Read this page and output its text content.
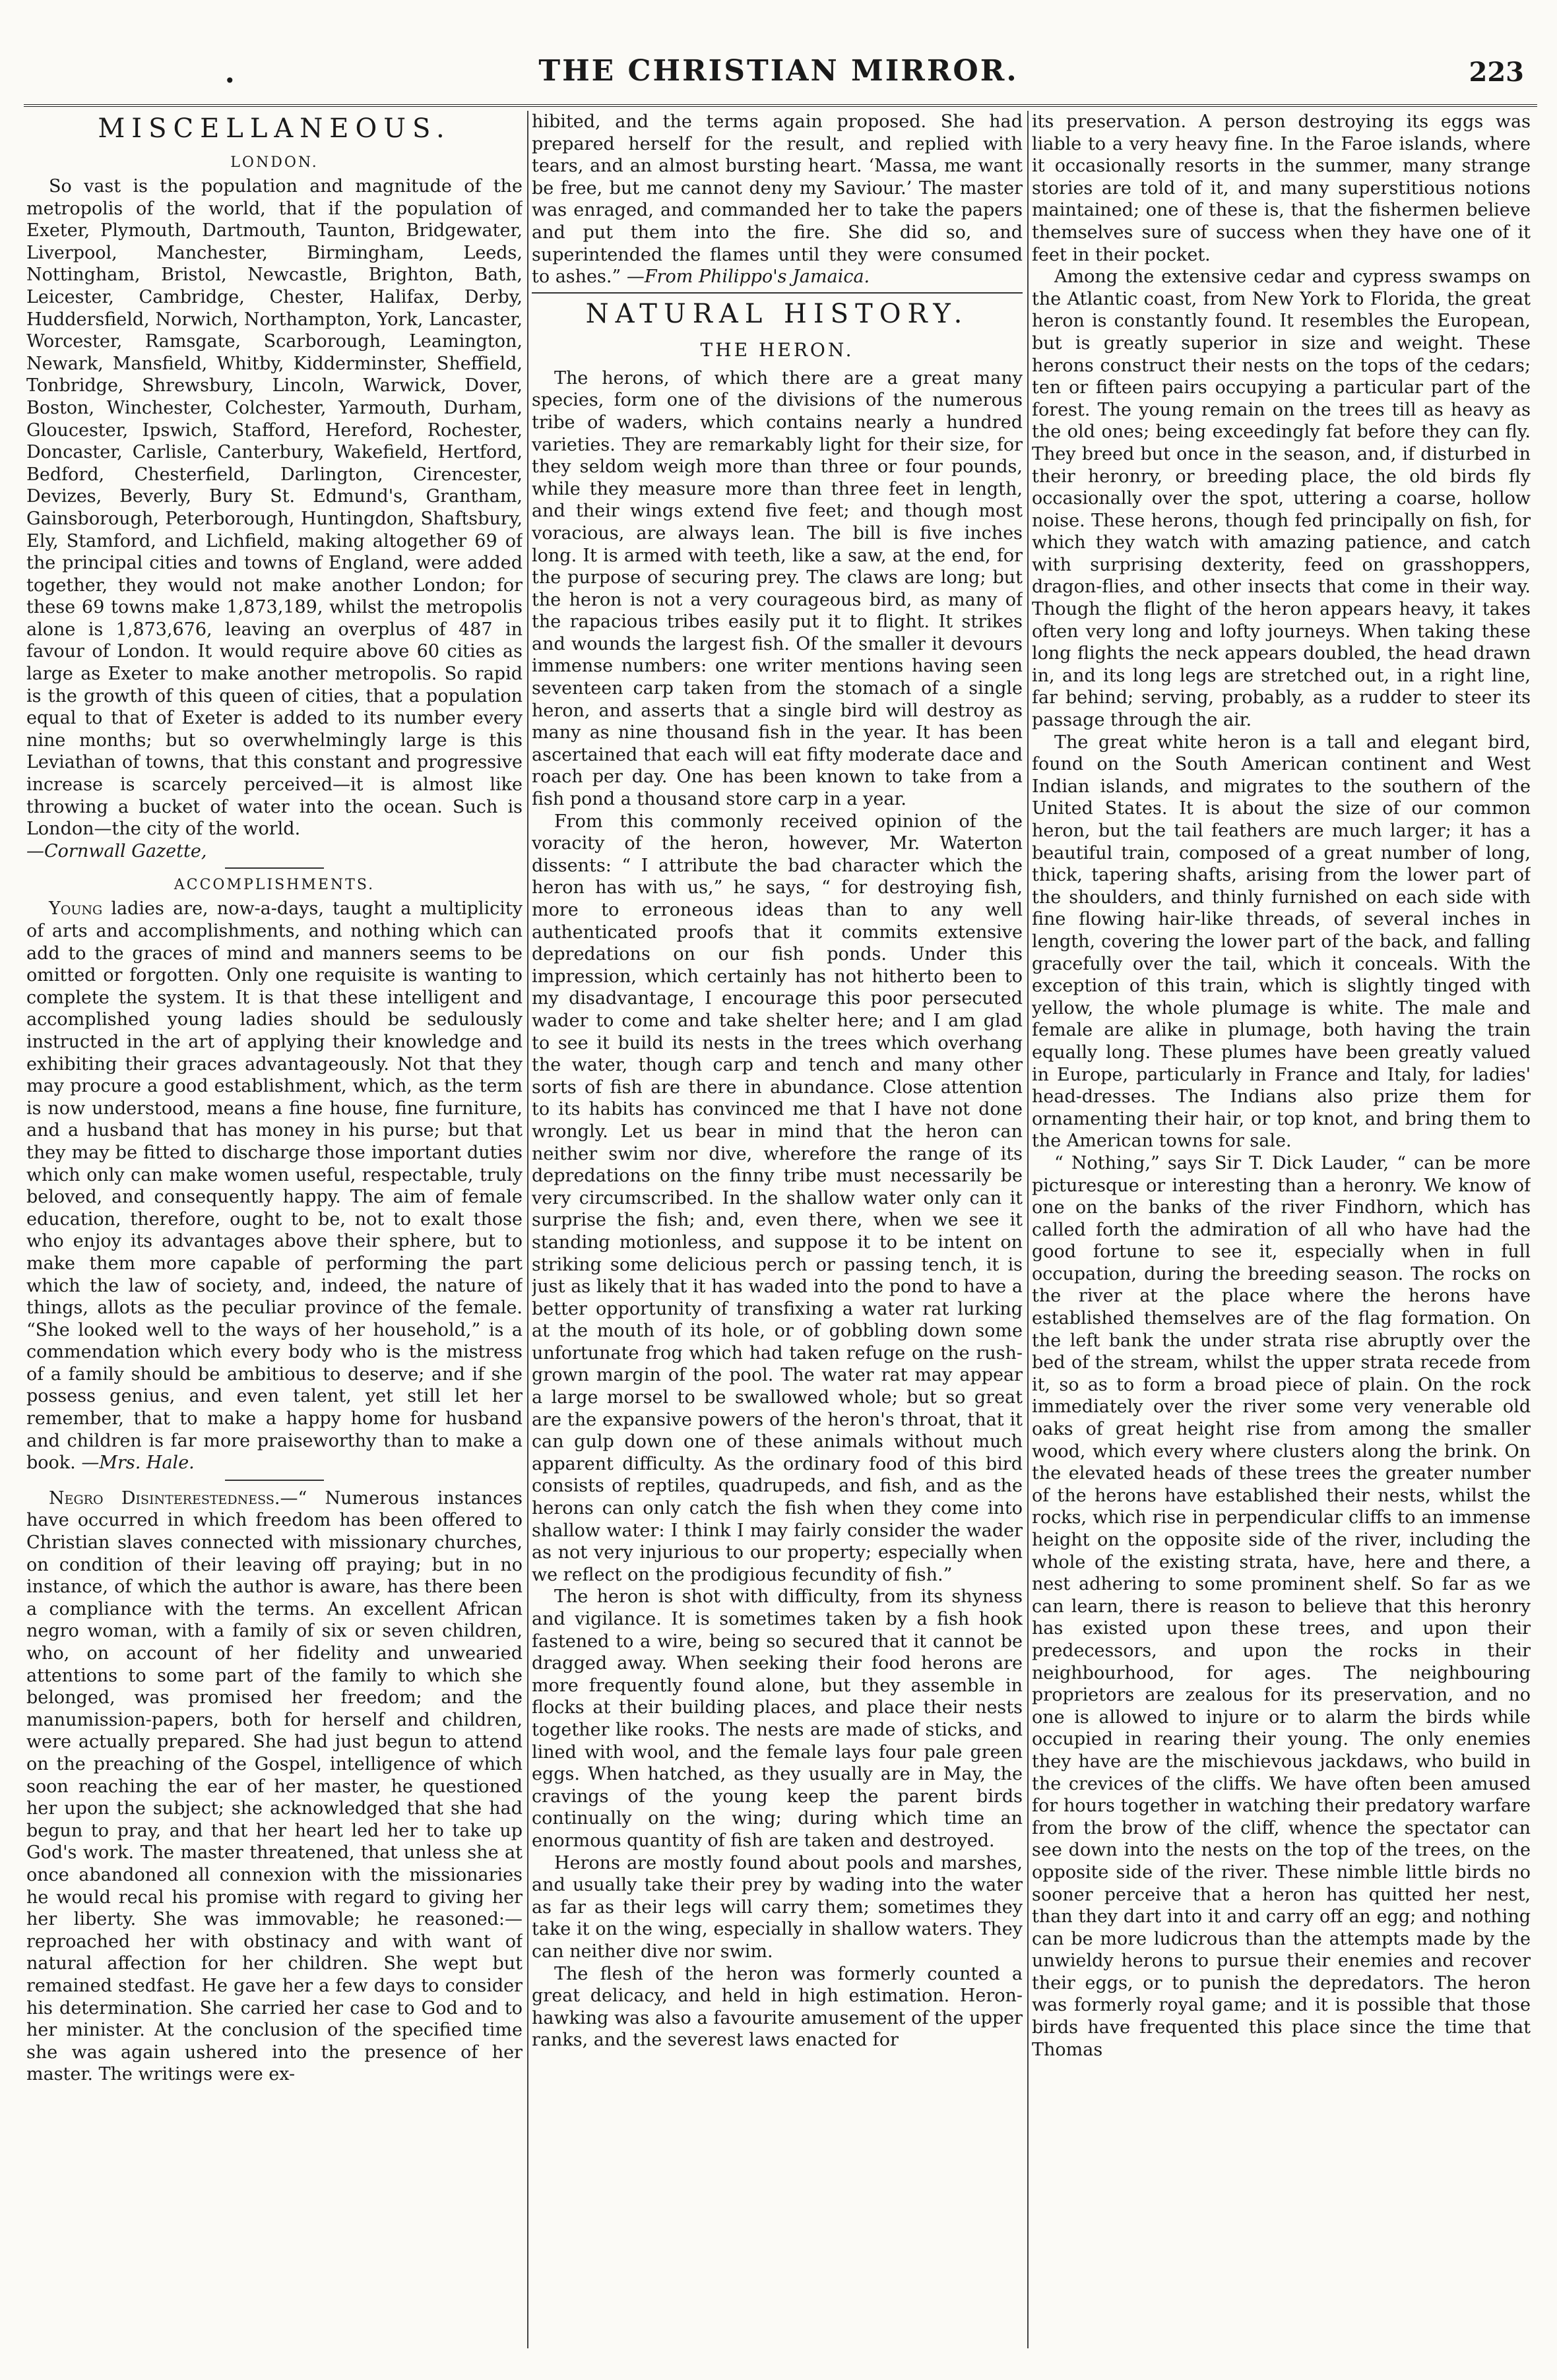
•	THE CHRISTIAN MIRROR.	223
MISCELLANEOUS.
LONDON.

So vast is the population and magnitude of the metropolis of the world, that if the population of Exeter, Plymouth, Dartmouth, Taunton, Bridgewater, Liverpool, Manchester, Birmingham, Leeds, Nottingham, Bristol, Newcastle, Brighton, Bath, Leicester, Cambridge, Chester, Halifax, Derby, Huddersfield, Norwich, Northampton, York, Lancaster, Worcester, Ramsgate, Scarborough, Leamington, Newark, Mansfield, Whitby, Kidderminster, Sheffield, Tonbridge, Shrewsbury, Lincoln, Warwick, Dover, Boston, Winchester, Colchester, Yarmouth, Durham, Gloucester, Ipswich, Stafford, Hereford, Rochester, Doncaster, Carlisle, Canterbury, Wakefield, Hertford, Bedford, Chesterfield, Darlington, Cirencester, Devizes, Beverly, Bury St. Edmund's, Grantham, Gainsborough, Peterborough, Huntingdon, Shaftsbury, Ely, Stamford, and Lichfield, making altogether 69 of the principal cities and towns of England, were added together, they would not make another London; for these 69 towns make 1,873,189, whilst the metropolis alone is 1,873,676, leaving an overplus of 487 in favour of London. It would require above 60 cities as large as Exeter to make another metropolis. So rapid is the growth of this queen of cities, that a population equal to that of Exeter is added to its number every nine months; but so overwhelmingly large is this Leviathan of towns, that this constant and progressive increase is scarcely perceived—it is almost like throwing a bucket of water into the ocean. Such is London—the city of the world.

—Cornwall Gazette,

ACCOMPLISHMENTS.

Young ladies are, now-a-days, taught a multiplicity of arts and accomplishments, and nothing which can add to the graces of mind and manners seems to be omitted or forgotten. Only one requisite is wanting to complete the system. It is that these intelligent and accomplished young ladies should be sedulously instructed in the art of applying their knowledge and exhibiting their graces advantageously. Not that they may procure a good establishment, which, as the term is now understood, means a fine house, fine furniture, and a husband that has money in his purse; but that they may be fitted to discharge those important duties which only can make women useful, respectable, truly beloved, and consequently happy. The aim of female education, therefore, ought to be, not to exalt those who enjoy its advantages above their sphere, but to make them more capable of performing the part which the law of society, and, indeed, the nature of things, allots as the peculiar province of the female. “She looked well to the ways of her household,” is a commendation which every body who is the mistress of a family should be ambitious to deserve; and if she possess genius, and even talent, yet still let her remember, that to make a happy home for husband and children is far more praiseworthy than to make a book. —Mrs. Hale.

Negro Disinterestedness.—“ Numerous instances have occurred in which freedom has been offered to Christian slaves connected with missionary churches, on condition of their leaving off praying; but in no instance, of which the author is aware, has there been a compliance with the terms. An excellent African negro woman, with a family of six or seven children, who, on account of her fidelity and unwearied attentions to some part of the family to which she belonged, was promised her freedom; and the manumission-papers, both for herself and children, were actually prepared. She had just begun to attend on the preaching of the Gospel, intelligence of which soon reaching the ear of her master, he questioned her upon the subject; she acknowledged that she had begun to pray, and that her heart led her to take up God's work. The master threatened, that unless she at once abandoned all connexion with the missionaries he would recal his promise with regard to giving her her liberty. She was immovable; he reasoned:—reproached her with obstinacy and with want of natural affection for her children. She wept but remained stedfast. He gave her a few days to consider his determination. She carried her case to God and to her minister. At the conclusion of the specified time she was again ushered into the presence of her master. The writings were ex-

hibited, and the terms again proposed. She had prepared herself for the result, and replied with tears, and an almost bursting heart. ‘Massa, me want be free, but me cannot deny my Saviour.’ The master was enraged, and commanded her to take the papers and put them into the fire. She did so, and superintended the flames until they were consumed to ashes.” —From Philippo's Jamaica.

NATURAL HISTORY.
THE HERON.

The herons, of which there are a great many species, form one of the divisions of the numerous tribe of waders, which contains nearly a hundred varieties. They are remarkably light for their size, for they seldom weigh more than three or four pounds, while they measure more than three feet in length, and their wings extend five feet; and though most voracious, are always lean. The bill is five inches long. It is armed with teeth, like a saw, at the end, for the purpose of securing prey. The claws are long; but the heron is not a very courageous bird, as many of the rapacious tribes easily put it to flight. It strikes and wounds the largest fish. Of the smaller it devours immense numbers: one writer mentions having seen seventeen carp taken from the stomach of a single heron, and asserts that a single bird will destroy as many as nine thousand fish in the year. It has been ascertained that each will eat fifty moderate dace and roach per day. One has been known to take from a fish pond a thousand store carp in a year.

From this commonly received opinion of the voracity of the heron, however, Mr. Waterton dissents: “ I attribute the bad character which the heron has with us,” he says, “ for destroying fish, more to erroneous ideas than to any well authenticated proofs that it commits extensive depredations on our fish ponds. Under this impression, which certainly has not hitherto been to my disadvantage, I encourage this poor persecuted wader to come and take shelter here; and I am glad to see it build its nests in the trees which overhang the water, though carp and tench and many other sorts of fish are there in abundance. Close attention to its habits has convinced me that I have not done wrongly. Let us bear in mind that the heron can neither swim nor dive, wherefore the range of its depredations on the finny tribe must necessarily be very circumscribed. In the shallow water only can it surprise the fish; and, even there, when we see it standing motionless, and suppose it to be intent on striking some delicious perch or passing tench, it is just as likely that it has waded into the pond to have a better opportunity of transfixing a water rat lurking at the mouth of its hole, or of gobbling down some unfortunate frog which had taken refuge on the rush-grown margin of the pool. The water rat may appear a large morsel to be swallowed whole; but so great are the expansive powers of the heron's throat, that it can gulp down one of these animals without much apparent difficulty. As the ordinary food of this bird consists of reptiles, quadrupeds, and fish, and as the herons can only catch the fish when they come into shallow water: I think I may fairly consider the wader as not very injurious to our property; especially when we reflect on the prodigious fecundity of fish.”

The heron is shot with difficulty, from its shyness and vigilance. It is sometimes taken by a fish hook fastened to a wire, being so secured that it cannot be dragged away. When seeking their food herons are more frequently found alone, but they assemble in flocks at their building places, and place their nests together like rooks. The nests are made of sticks, and lined with wool, and the female lays four pale green eggs. When hatched, as they usually are in May, the cravings of the young keep the parent birds continually on the wing; during which time an enormous quantity of fish are taken and destroyed.

Herons are mostly found about pools and marshes, and usually take their prey by wading into the water as far as their legs will carry them; sometimes they take it on the wing, especially in shallow waters. They can neither dive nor swim.

The flesh of the heron was formerly counted a great delicacy, and held in high estimation. Heron-hawking was also a favourite amusement of the upper ranks, and the severest laws enacted for

its preservation. A person destroying its eggs was liable to a very heavy fine. In the Faroe islands, where it occasionally resorts in the summer, many strange stories are told of it, and many superstitious notions maintained; one of these is, that the fishermen believe themselves sure of success when they have one of it feet in their pocket.

Among the extensive cedar and cypress swamps on the Atlantic coast, from New York to Florida, the great heron is constantly found. It resembles the European, but is greatly superior in size and weight. These herons construct their nests on the tops of the cedars; ten or fifteen pairs occupying a particular part of the forest. The young remain on the trees till as heavy as the old ones; being exceedingly fat before they can fly. They breed but once in the season, and, if disturbed in their heronry, or breeding place, the old birds fly occasionally over the spot, uttering a coarse, hollow noise. These herons, though fed principally on fish, for which they watch with amazing patience, and catch with surprising dexterity, feed on grasshoppers, dragon-flies, and other insects that come in their way. Though the flight of the heron appears heavy, it takes often very long and lofty journeys. When taking these long flights the neck appears doubled, the head drawn in, and its long legs are stretched out, in a right line, far behind; serving, probably, as a rudder to steer its passage through the air.

The great white heron is a tall and elegant bird, found on the South American continent and West Indian islands, and migrates to the southern of the United States. It is about the size of our common heron, but the tail feathers are much larger; it has a beautiful train, composed of a great number of long, thick, tapering shafts, arising from the lower part of the shoulders, and thinly furnished on each side with fine flowing hair-like threads, of several inches in length, covering the lower part of the back, and falling gracefully over the tail, which it conceals. With the exception of this train, which is slightly tinged with yellow, the whole plumage is white. The male and female are alike in plumage, both having the train equally long. These plumes have been greatly valued in Europe, particularly in France and Italy, for ladies' head-dresses. The Indians also prize them for ornamenting their hair, or top knot, and bring them to the American towns for sale.

“ Nothing,” says Sir T. Dick Lauder, “ can be more picturesque or interesting than a heronry. We know of one on the banks of the river Findhorn, which has called forth the admiration of all who have had the good fortune to see it, especially when in full occupation, during the breeding season. The rocks on the river at the place where the herons have established themselves are of the flag formation. On the left bank the under strata rise abruptly over the bed of the stream, whilst the upper strata recede from it, so as to form a broad piece of plain. On the rock immediately over the river some very venerable old oaks of great height rise from among the smaller wood, which every where clusters along the brink. On the elevated heads of these trees the greater number of the herons have established their nests, whilst the rocks, which rise in perpendicular cliffs to an immense height on the opposite side of the river, including the whole of the existing strata, have, here and there, a nest adhering to some prominent shelf. So far as we can learn, there is reason to believe that this heronry has existed upon these trees, and upon their predecessors, and upon the rocks in their neighbourhood, for ages. The neighbouring proprietors are zealous for its preservation, and no one is allowed to injure or to alarm the birds while occupied in rearing their young. The only enemies they have are the mischievous jackdaws, who build in the crevices of the cliffs. We have often been amused for hours together in watching their predatory warfare from the brow of the cliff, whence the spectator can see down into the nests on the top of the trees, on the opposite side of the river. These nimble little birds no sooner perceive that a heron has quitted her nest, than they dart into it and carry off an egg; and nothing can be more ludicrous than the attempts made by the unwieldy herons to pursue their enemies and recover their eggs, or to punish the depredators. The heron was formerly royal game; and it is possible that those birds have frequented this place since the time that Thomas
